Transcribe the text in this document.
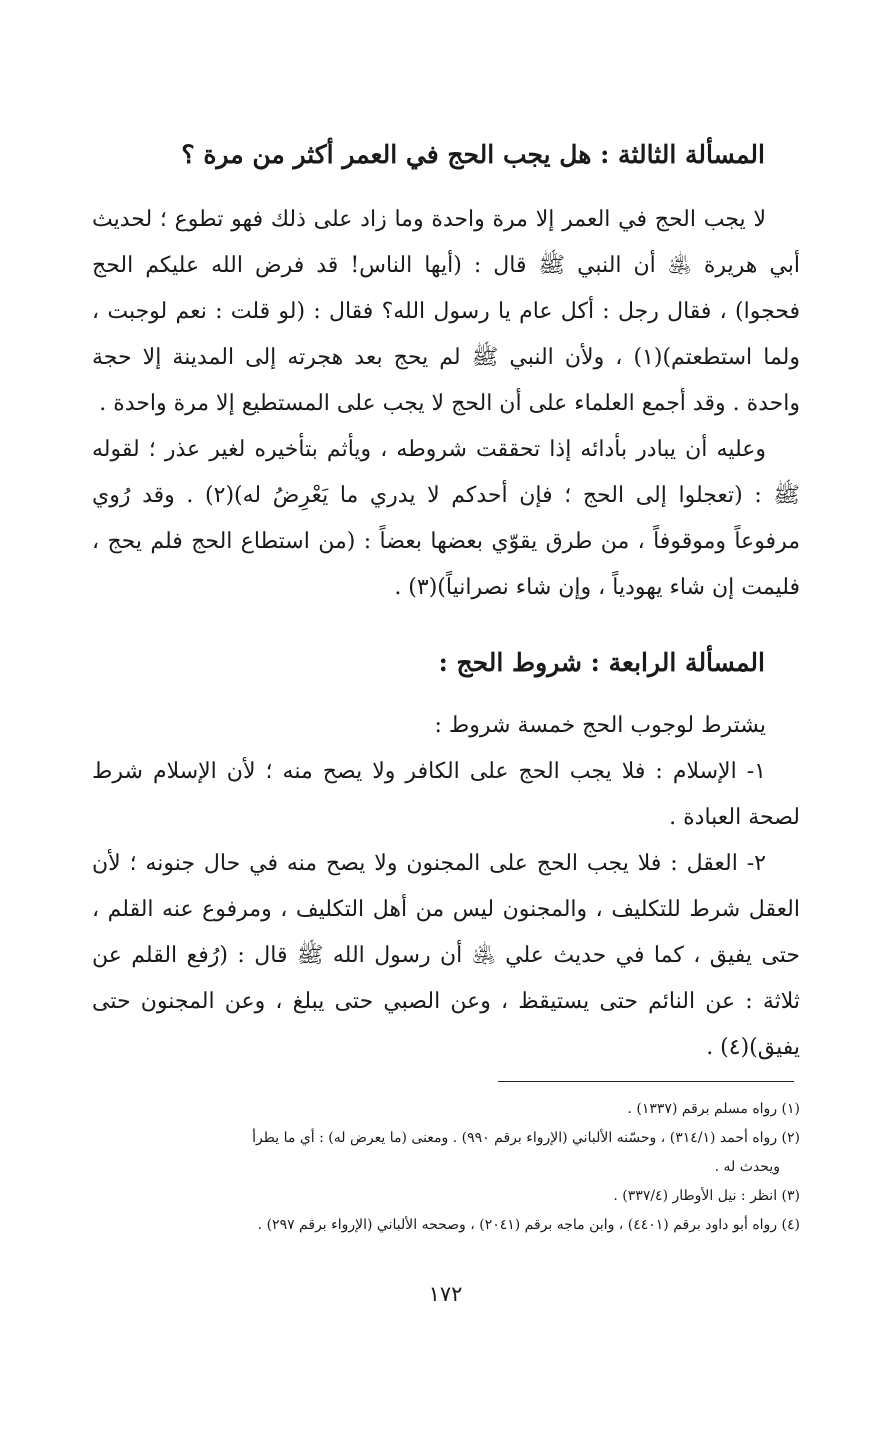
المسألة الثالثة : هل يجب الحج في العمر أكثر من مرة ؟

لا يجب الحج في العمر إلا مرة واحدة وما زاد على ذلك فهو تطوع ؛ لحديث أبي هريرة ﵁ أن النبي ﷺ قال : (أيها الناس! قد فرض الله عليكم الحج فحجوا) ، فقال رجل : أكل عام يا رسول الله؟ فقال : (لو قلت : نعم لوجبت ، ولما استطعتم)(١) ، ولأن النبي ﷺ لم يحج بعد هجرته إلى المدينة إلا حجة واحدة . وقد أجمع العلماء على أن الحج لا يجب على المستطيع إلا مرة واحدة .

وعليه أن يبادر بأدائه إذا تحققت شروطه ، ويأثم بتأخيره لغير عذر ؛ لقوله ﷺ : (تعجلوا إلى الحج ؛ فإن أحدكم لا يدري ما يَعْرِضُ له)(٢) . وقد رُوي مرفوعاً وموقوفاً ، من طرق يقوّي بعضها بعضاً : (من استطاع الحج فلم يحج ، فليمت إن شاء يهودياً ، وإن شاء نصرانياً)(٣) .

المسألة الرابعة : شروط الحج :

يشترط لوجوب الحج خمسة شروط :

١- الإسلام : فلا يجب الحج على الكافر ولا يصح منه ؛ لأن الإسلام شرط لصحة العبادة .

٢- العقل : فلا يجب الحج على المجنون ولا يصح منه في حال جنونه ؛ لأن العقل شرط للتكليف ، والمجنون ليس من أهل التكليف ، ومرفوع عنه القلم ، حتى يفيق ، كما في حديث علي ﵁ أن رسول الله ﷺ قال : (رُفع القلم عن ثلاثة : عن النائم حتى يستيقظ ، وعن الصبي حتى يبلغ ، وعن المجنون حتى يفيق)(٤) .

(١) رواه مسلم برقم (١٣٣٧) .

(٢) رواه أحمد (٣١٤/١) ، وحسّنه الألباني (الإرواء برقم ٩٩٠) . ومعنى (ما يعرض له) : أي ما يطرأ

ويحدث له .

(٣) انظر : نيل الأوطار (٣٣٧/٤) .

(٤) رواه أبو داود برقم (٤٤٠١) ، وابن ماجه برقم (٢٠٤١) ، وصححه الألباني (الإرواء برقم ٢٩٧) .

١٧٢
